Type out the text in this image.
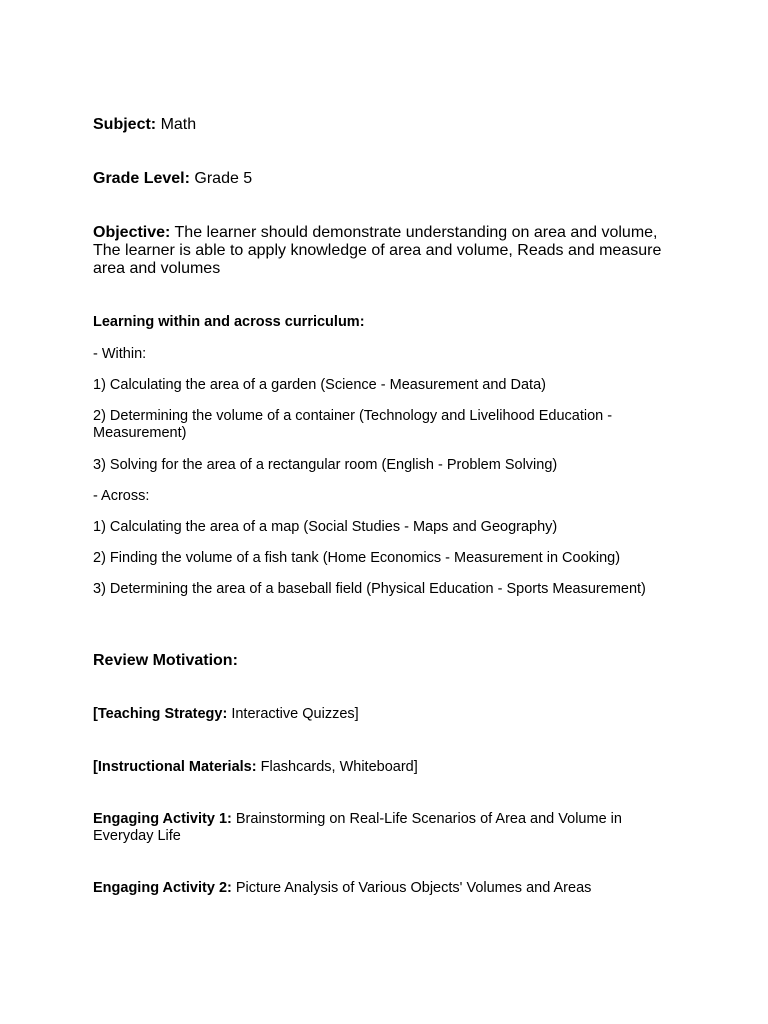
Subject: Math

Grade Level: Grade 5

Objective: The learner should demonstrate understanding on area and volume, The learner is able to apply knowledge of area and volume, Reads and measure area and volumes

Learning within and across curriculum:

- Within:

1) Calculating the area of a garden (Science - Measurement and Data)

2) Determining the volume of a container (Technology and Livelihood Education - Measurement)

3) Solving for the area of a rectangular room (English - Problem Solving)

- Across:

1) Calculating the area of a map (Social Studies - Maps and Geography)

2) Finding the volume of a fish tank (Home Economics - Measurement in Cooking)

3) Determining the area of a baseball field (Physical Education - Sports Measurement)

Review Motivation:

[Teaching Strategy: Interactive Quizzes]

[Instructional Materials: Flashcards, Whiteboard]

Engaging Activity 1: Brainstorming on Real-Life Scenarios of Area and Volume in Everyday Life

Engaging Activity 2: Picture Analysis of Various Objects' Volumes and Areas
